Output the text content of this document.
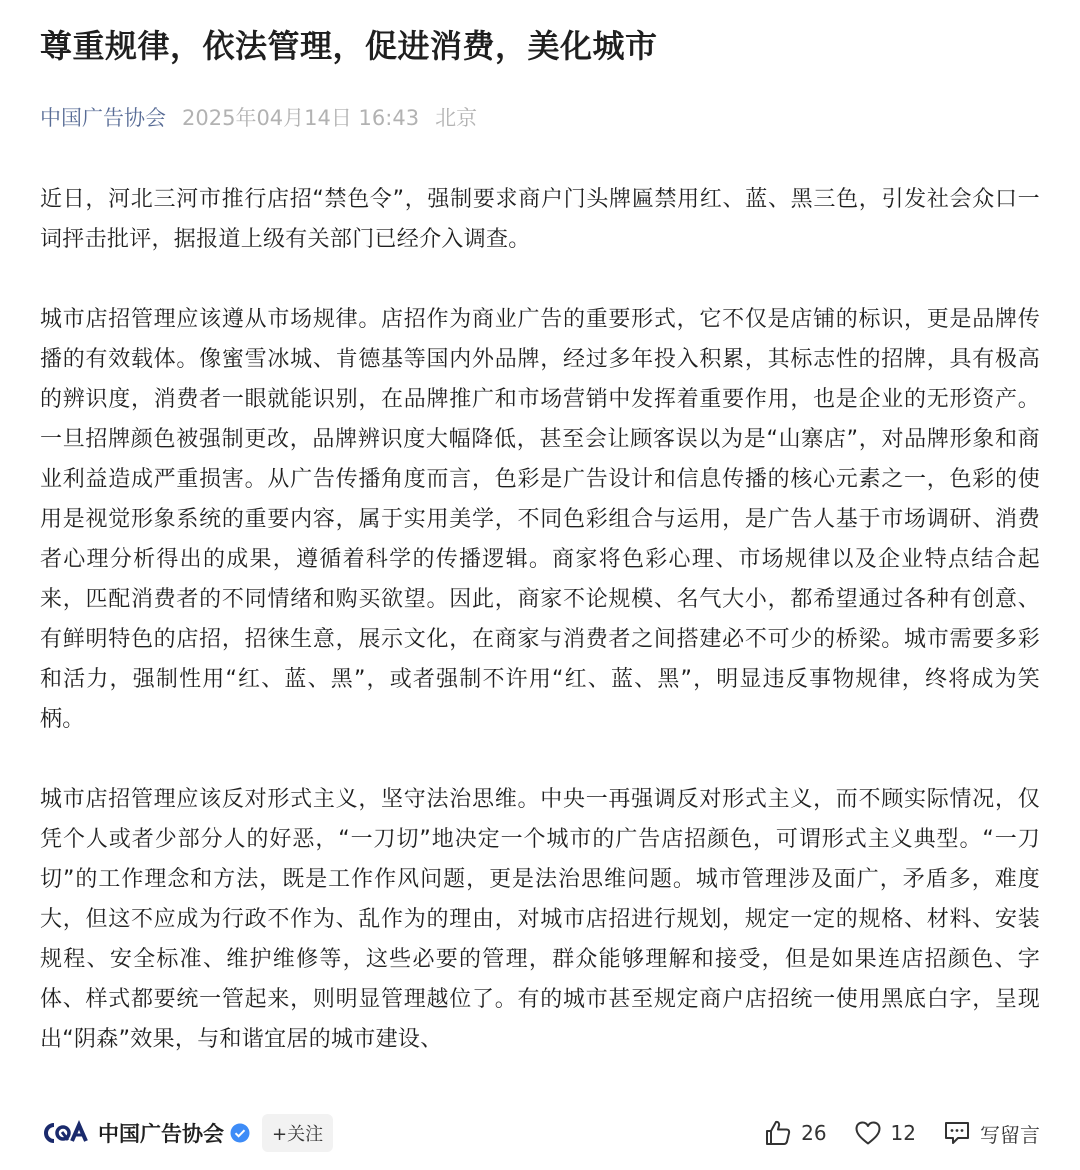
尊重规律，依法管理，促进消费，美化城市
中国广告协会 2025年04月14日 16:43 北京

近日，河北三河市推行店招“禁色令”，强制要求商户门头牌匾禁用红、蓝、黑三色，引发社会众口一词抨击批评，据报道上级有关部门已经介入调查。

城市店招管理应该遵从市场规律。店招作为商业广告的重要形式，它不仅是店铺的标识，更是品牌传播的有效载体。像蜜雪冰城、肯德基等国内外品牌，经过多年投入积累，其标志性的招牌，具有极高的辨识度，消费者一眼就能识别，在品牌推广和市场营销中发挥着重要作用，也是企业的无形资产。一旦招牌颜色被强制更改，品牌辨识度大幅降低，甚至会让顾客误以为是“山寨店”，对品牌形象和商业利益造成严重损害。从广告传播角度而言，色彩是广告设计和信息传播的核心元素之一，色彩的使用是视觉形象系统的重要内容，属于实用美学，不同色彩组合与运用，是广告人基于市场调研、消费者心理分析得出的成果，遵循着科学的传播逻辑。商家将色彩心理、市场规律以及企业特点结合起来，匹配消费者的不同情绪和购买欲望。因此，商家不论规模、名气大小，都希望通过各种有创意、有鲜明特色的店招，招徕生意，展示文化，在商家与消费者之间搭建必不可少的桥梁。城市需要多彩和活力，强制性用“红、蓝、黑”，或者强制不许用“红、蓝、黑”，明显违反事物规律，终将成为笑柄。

城市店招管理应该反对形式主义，坚守法治思维。中央一再强调反对形式主义，而不顾实际情况，仅凭个人或者少部分人的好恶，“一刀切”地决定一个城市的广告店招颜色，可谓形式主义典型。“一刀切”的工作理念和方法，既是工作作风问题，更是法治思维问题。城市管理涉及面广，矛盾多，难度大，但这不应成为行政不作为、乱作为的理由，对城市店招进行规划，规定一定的规格、材料、安装规程、安全标准、维护维修等，这些必要的管理，群众能够理解和接受，但是如果连店招颜色、字体、样式都要统一管起来，则明显管理越位了。有的城市甚至规定商户店招统一使用黑底白字，呈现出“阴森”效果，与和谐宜居的城市建设、

中国广告协会	+关注	26	12	写留言
